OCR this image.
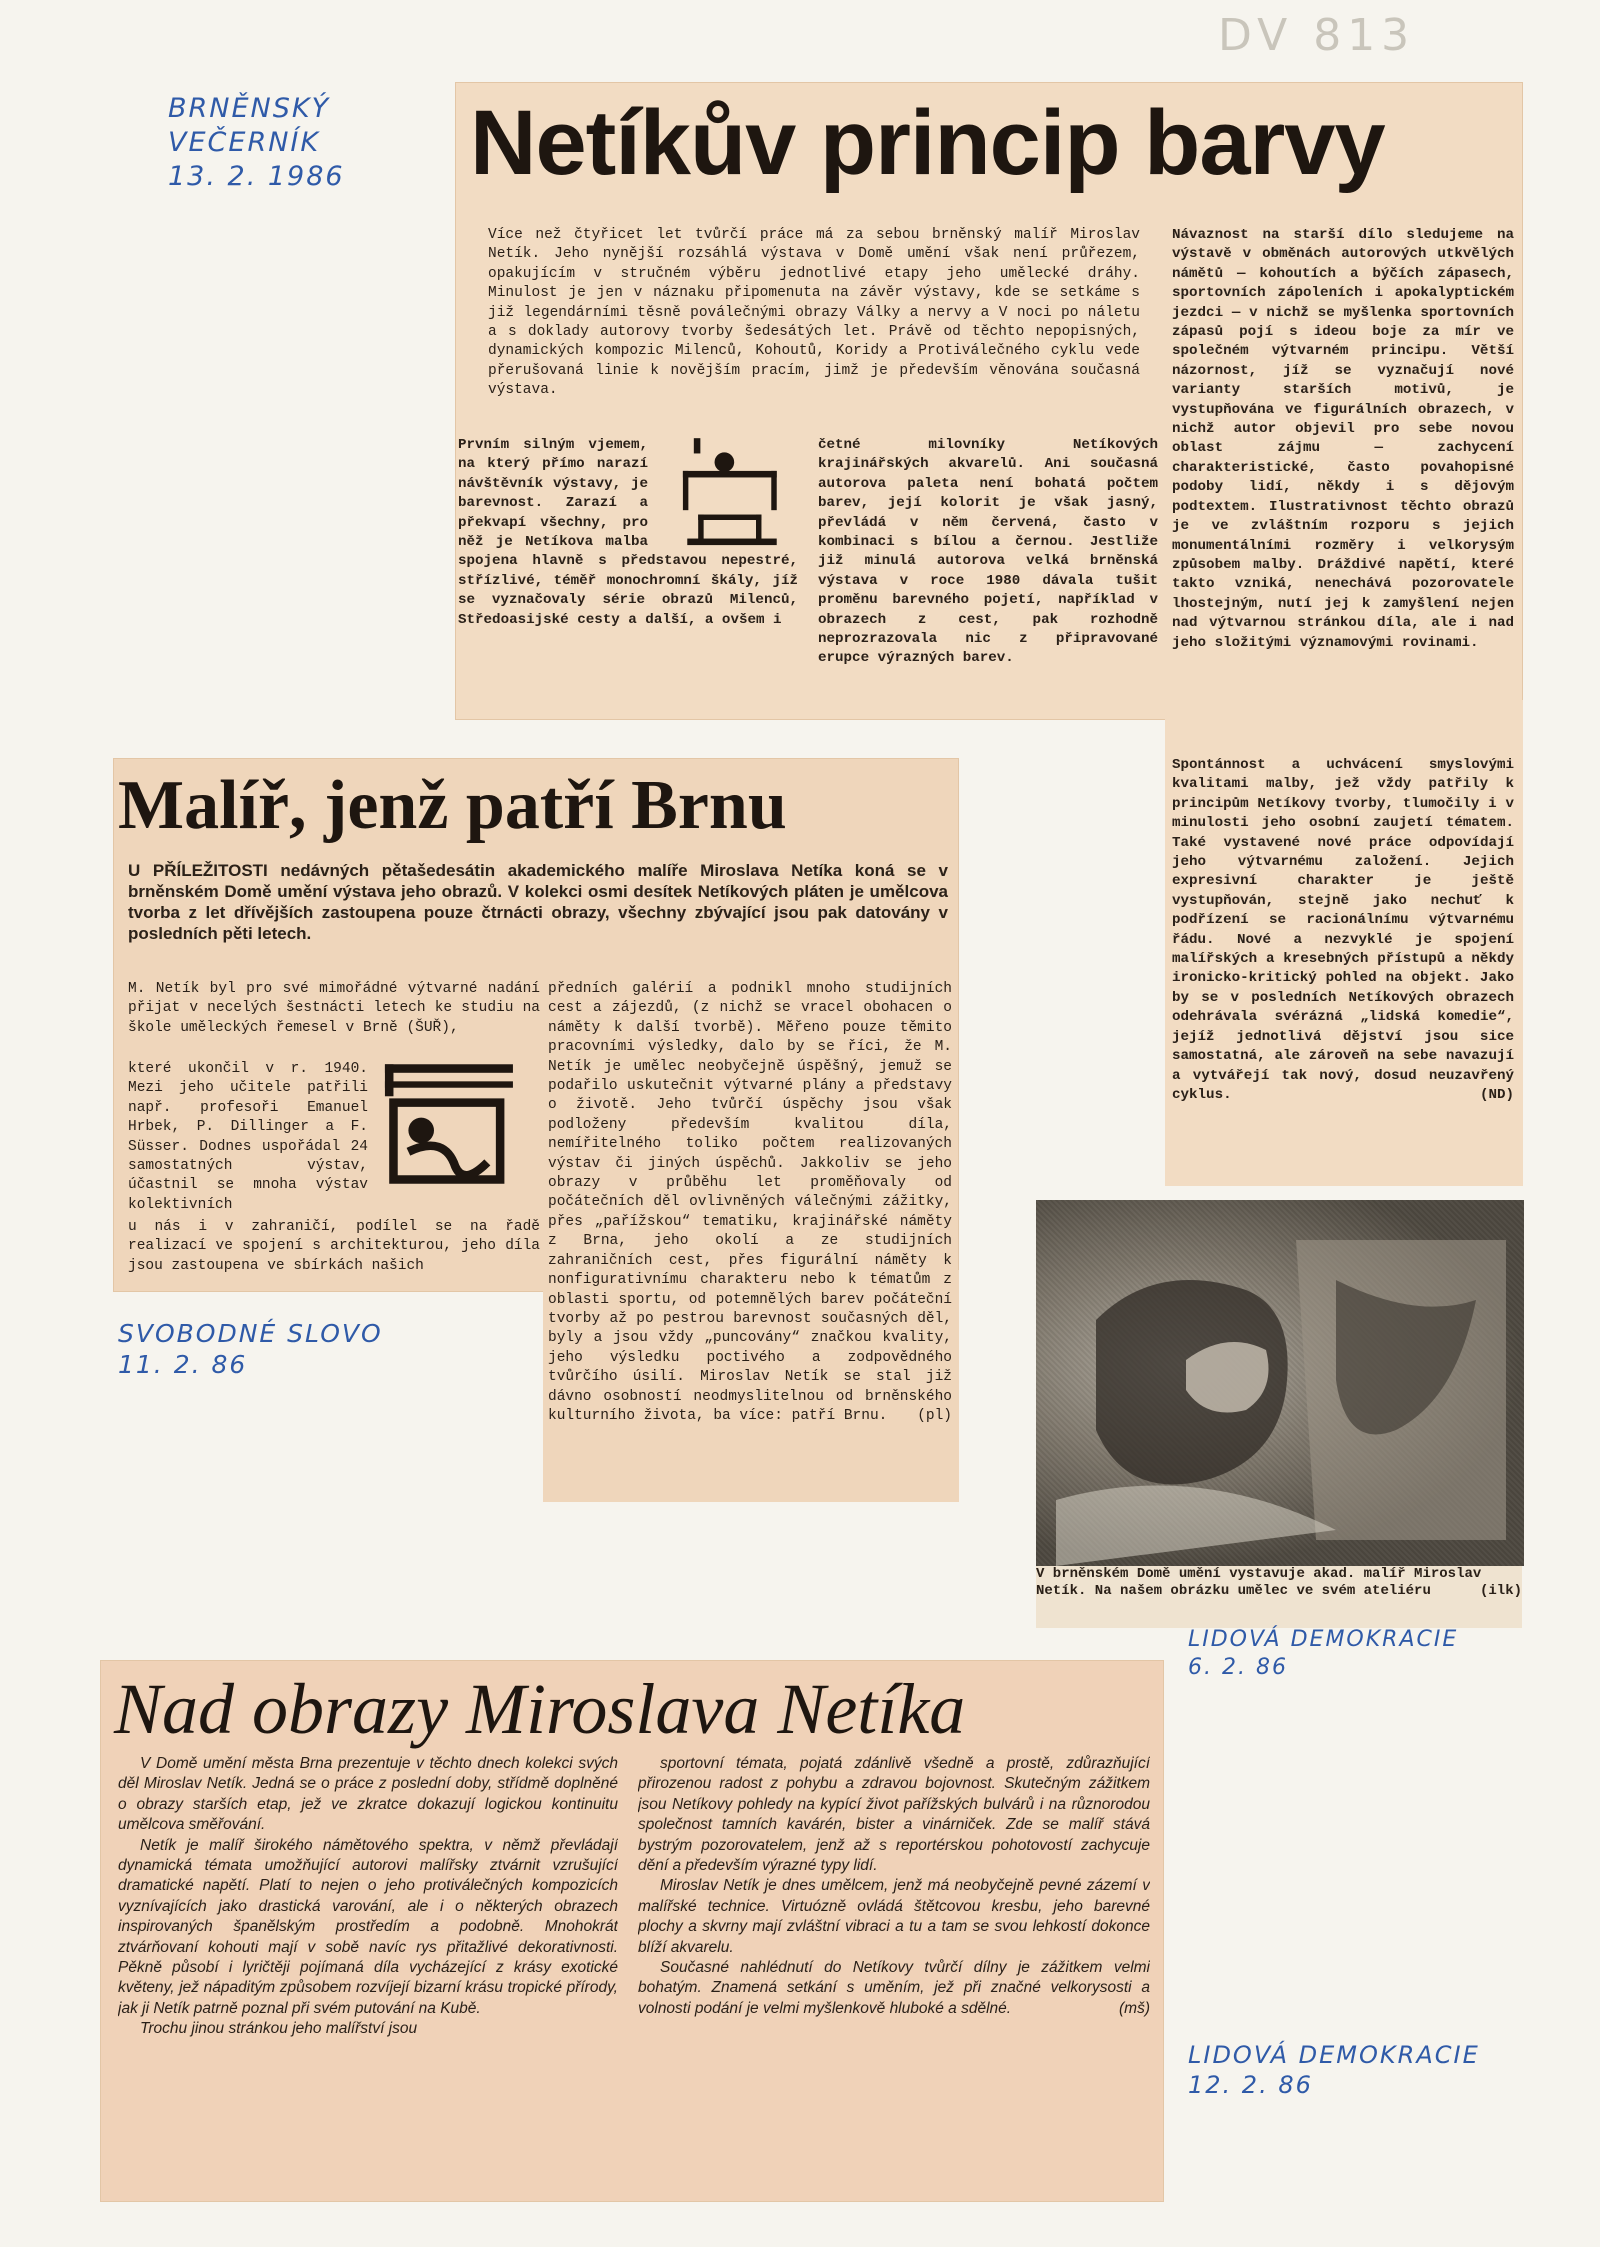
DV 813
BRNĚNSKÝ
VEČERNÍK
13. 2. 1986 Netíkův princip barvy
Více než čtyřicet let tvůrčí práce má za sebou brněnský malíř Miroslav Netík. Jeho nynější rozsáhlá výstava v Domě umění však není průřezem, opakujícím v stručném výběru jednotlivé etapy jeho umělecké dráhy. Minulost je jen v náznaku připomenuta na závěr výstavy, kde se setkáme s již legendárními těsně poválečnými obrazy Války a nervy a V noci po náletu a s doklady autorovy tvorby šedesátých let. Právě od těchto nepopisných, dynamických kompozic Milenců, Kohoutů, Koridy a Protiválečného cyklu vede přerušovaná linie k novějším pracím, jimž je především věnována současná výstava.
Prvním silným vjemem, na který přímo narazí návštěvník výstavy, je barevnost. Zarazí a překvapí všechny, pro něž je Netíkova malba spojena hlavně s představou nepestré, střízlivé, téměř monochromní škály, jíž se vyznačovaly série obrazů Milenců, Středoasijské cesty a další, a ovšem i
četné milovníky Netíkových krajinářských akvarelů. Ani současná autorova paleta není bohatá počtem barev, její kolorit je však jasný, převládá v něm červená, často v kombinaci s bílou a černou. Jestliže již minulá autorova velká brněnská výstava v roce 1980 dávala tušit proměnu barevného pojetí, například v obrazech z cest, pak rozhodně neprozrazovala nic z připravované erupce výrazných barev.
Návaznost na starší dílo sledujeme na výstavě v obměnách autorových utkvělých námětů — kohoutích a býčích zápasech, sportovních zápoleních i apokalyptickém jezdci — v nichž se myšlenka sportovních zápasů pojí s ideou boje za mír ve společném výtvarném principu. Větší názornost, jíž se vyznačují nové varianty starších motivů, je vystupňována ve figurálních obrazech, v nichž autor objevil pro sebe novou oblast zájmu — zachycení charakteristické, často povahopisné podoby lidí, někdy i s dějovým podtextem. Ilustrativnost těchto obrazů je ve zvláštním rozporu s jejich monumentálními rozměry i velkorysým způsobem malby. Dráždivé napětí, které takto vzniká, nenechává pozorovatele lhostejným, nutí jej k zamyšlení nejen nad výtvarnou stránkou díla, ale i nad jeho složitými významovými rovinami.
Spontánnost a uchvácení smyslovými kvalitami malby, jež vždy patřily k principům Netíkovy tvorby, tlumočily i v minulosti jeho osobní zaujetí tématem. Také vystavené nové práce odpovídají jeho výtvarnému založení. Jejich expresivní charakter je ještě vystupňován, stejně jako nechuť k podřízení se racionálnímu výtvarnému řádu. Nové a nezvyklé je spojení malířských a kresebných přístupů a někdy ironicko-kritický pohled na objekt. Jako by se v posledních Netíkových obrazech odehrávala svérázná „lidská komedie“, jejíž jednotlivá dějství jsou sice samostatná, ale zároveň na sebe navazují a vytvářejí tak nový, dosud neuzavřený cyklus.	(ND)
Malíř, jenž patří Brnu
U PŘÍLEŽITOSTI nedávných pětašedesátin akademického malíře Miroslava Netíka koná se v brněnském Domě umění výstava jeho obrazů. V kolekci osmi desítek Netíkových pláten je umělcova tvorba z let dřívějších zastoupena pouze čtrnácti obrazy, všechny zbývající jsou pak datovány v posledních pěti letech.
M. Netík byl pro své mimořádné výtvarné nadání přijat v necelých šestnácti letech ke studiu na škole uměleckých řemesel v Brně (ŠUŘ),
které ukončil v r. 1940. Mezi jeho učitele patřili např. profesoři Emanuel Hrbek, P. Dillinger a F. Süsser. Dodnes uspořádal 24 samostatných výstav, účastnil se mnoha výstav kolektivních
u nás i v zahraničí, podílel se na řadě realizací ve spojení s architekturou, jeho díla jsou zastoupena ve sbírkách našich
předních galérií a podnikl mnoho studijních cest a zájezdů, (z nichž se vracel obohacen o náměty k další tvorbě). Měřeno pouze těmito pracovními výsledky, dalo by se říci, že M. Netík je umělec neobyčejně úspěšný, jemuž se podařilo uskutečnit výtvarné plány a představy o životě. Jeho tvůrčí úspěchy jsou však podloženy především kvalitou díla, nemířitelného toliko počtem realizovaných výstav či jiných úspěchů. Jakkoliv se jeho obrazy v průběhu let proměňovaly od počátečních děl ovlivněných válečnými zážitky, přes „pařížskou“ tematiku, krajinářské náměty z Brna, jeho okolí a ze studijních zahraničních cest, přes figurální náměty k nonfigurativnímu charakteru nebo k tématům z oblasti sportu, od potemnělých barev počáteční tvorby až po pestrou barevnost současných děl, byly a jsou vždy „puncovány“ značkou kvality, jeho výsledku poctivého a zodpovědného tvůrčího úsilí. Miroslav Netík se stal již dávno osobností neodmyslitelnou od brněnského kulturního života, ba více: patří Brnu. (pl)
SVOBODNÉ SLOVO
11. 2. 86
V brněnském Domě umění vystavuje akad. malíř Miroslav Netík. Na našem obrázku umělec ve svém ateliéru	(ilk)
LIDOVÁ DEMOKRACIE
6. 2. 86
Nad obrazy Miroslava Netíka

V Domě umění města Brna prezentuje v těchto dnech kolekci svých děl Miroslav Netík. Jedná se o práce z poslední doby, střídmě doplněné o obrazy starších etap, jež ve zkratce dokazují logickou kontinuitu umělcova směřování.

Netík je malíř širokého námětového spektra, v němž převládají dynamická témata umožňující autorovi malířsky ztvárnit vzrušující dramatické napětí. Platí to nejen o jeho protiválečných kompozicích vyznívajících jako drastická varování, ale i o některých obrazech inspirovaných španělským prostředím a podobně. Mnohokrát ztvárňovaní kohouti mají v sobě navíc rys přitažlivé dekorativnosti. Pěkně působí i lyričtěji pojímaná díla vycházející z krásy exotické květeny, jež nápaditým způsobem rozvíjejí bizarní krásu tropické přírody, jak ji Netík patrně poznal při svém putování na Kubě.

Trochu jinou stránkou jeho malířství jsou

sportovní témata, pojatá zdánlivě všedně a prostě, zdůrazňující přirozenou radost z pohybu a zdravou bojovnost. Skutečným zážitkem jsou Netíkovy pohledy na kypící život pařížských bulvárů i na různorodou společnost tamních kavárén, bister a vinárniček. Zde se malíř stává bystrým pozorovatelem, jenž až s reportérskou pohotovostí zachycuje dění a především výrazné typy lidí.

Miroslav Netík je dnes umělcem, jenž má neobyčejně pevné zázemí v malířské technice. Virtuózně ovládá štětcovou kresbu, jeho barevné plochy a skvrny mají zvláštní vibraci a tu a tam se svou lehkostí dokonce blíží akvarelu.

Současné nahlédnutí do Netíkovy tvůrčí dílny je zážitkem velmi bohatým. Znamená setkání s uměním, jež při značné velkorysosti a volnosti podání je velmi myšlenkově hluboké a sdělné.	(mš)

LIDOVÁ DEMOKRACIE
12. 2. 86
